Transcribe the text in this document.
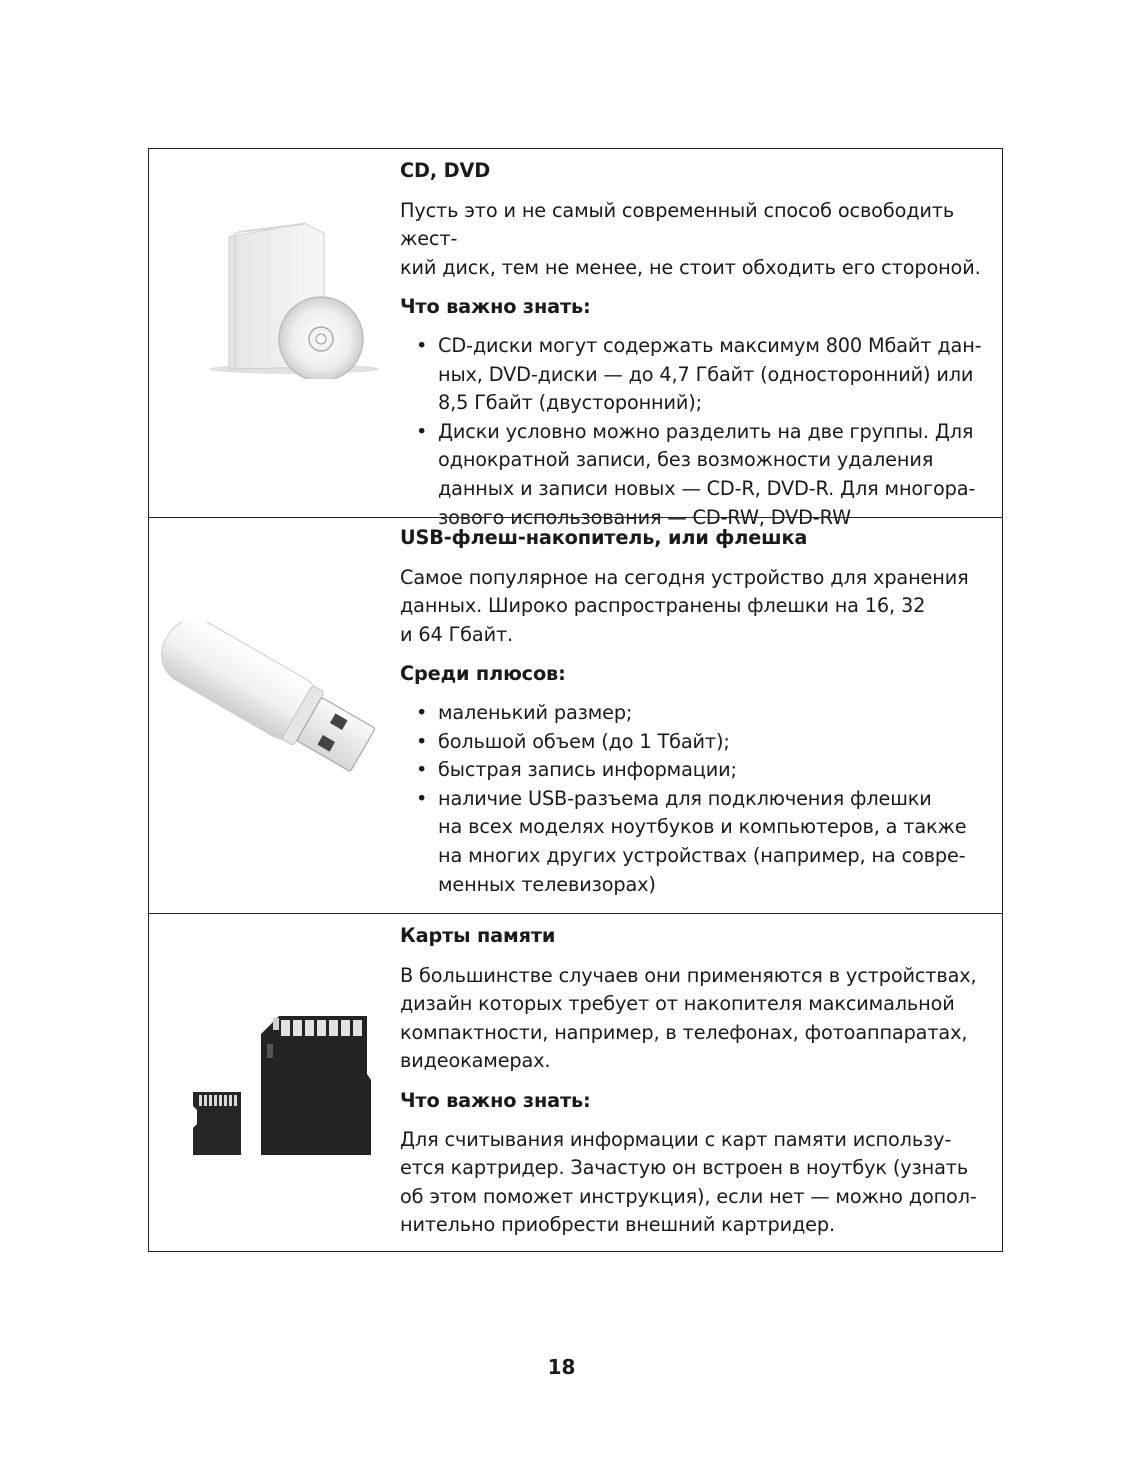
CD, DVD

Пусть это и не самый современный способ освободить жест-

кий диск, тем не менее, не стоит обходить его стороной.

Что важно знать:

• CD-диски могут содержать максимум 800 Мбайт дан-

ных, DVD-диски — до 4,7 Гбайт (односторонний) или

8,5 Гбайт (двусторонний);

• Диски условно можно разделить на две группы. Для

однократной записи, без возможности удаления

данных и записи новых — CD-R, DVD-R. Для многора-

зового использования — CD-RW, DVD-RW

USB-флеш-накопитель, или флешка

Самое популярное на сегодня устройство для хранения

данных. Широко распространены флешки на 16, 32

и 64 Гбайт.

Среди плюсов:

• маленький размер;

• большой объем (до 1 Тбайт);

• быстрая запись информации;

• наличие USB-разъема для подключения флешки

на всех моделях ноутбуков и компьютеров, а также

на многих других устройствах (например, на совре-

менных телевизорах)

Карты памяти

В большинстве случаев они применяются в устройствах,

дизайн которых требует от накопителя максимальной

компактности, например, в телефонах, фотоаппаратах,

видеокамерах.

Что важно знать:

Для считывания информации с карт памяти использу-

ется картридер. Зачастую он встроен в ноутбук (узнать

об этом поможет инструкция), если нет — можно допол-

нительно приобрести внешний картридер.

18
